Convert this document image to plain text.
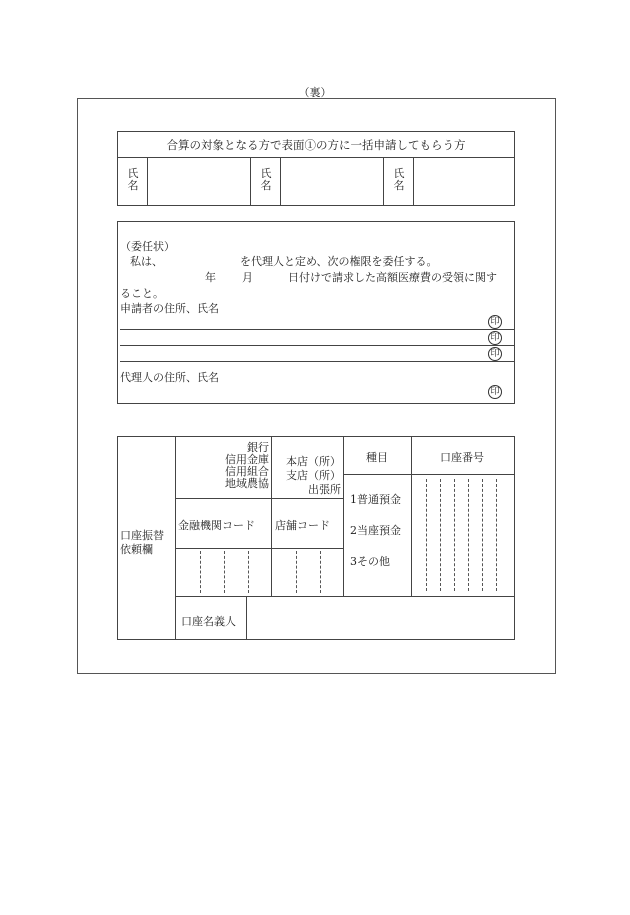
（裏）
合算の対象となる方で表面①の方に一括申請してもらう方
氏名
氏名
氏名
（委任状）
私は、	を代理人と定め、次の権限を委任する。
年 月	日付けで請求した高額医療費の受領に関す
ること。
申請者の住所、氏名
印
印
印
代理人の住所、氏名
印
口座振替
依頼欄
銀行
信用金庫
信用組合
地域農協
本店（所）
支店（所）
出張所
種目
1普通預金
2当座預金
3その他
口座番号
金融機関コード 店舗コード
口座名義人
